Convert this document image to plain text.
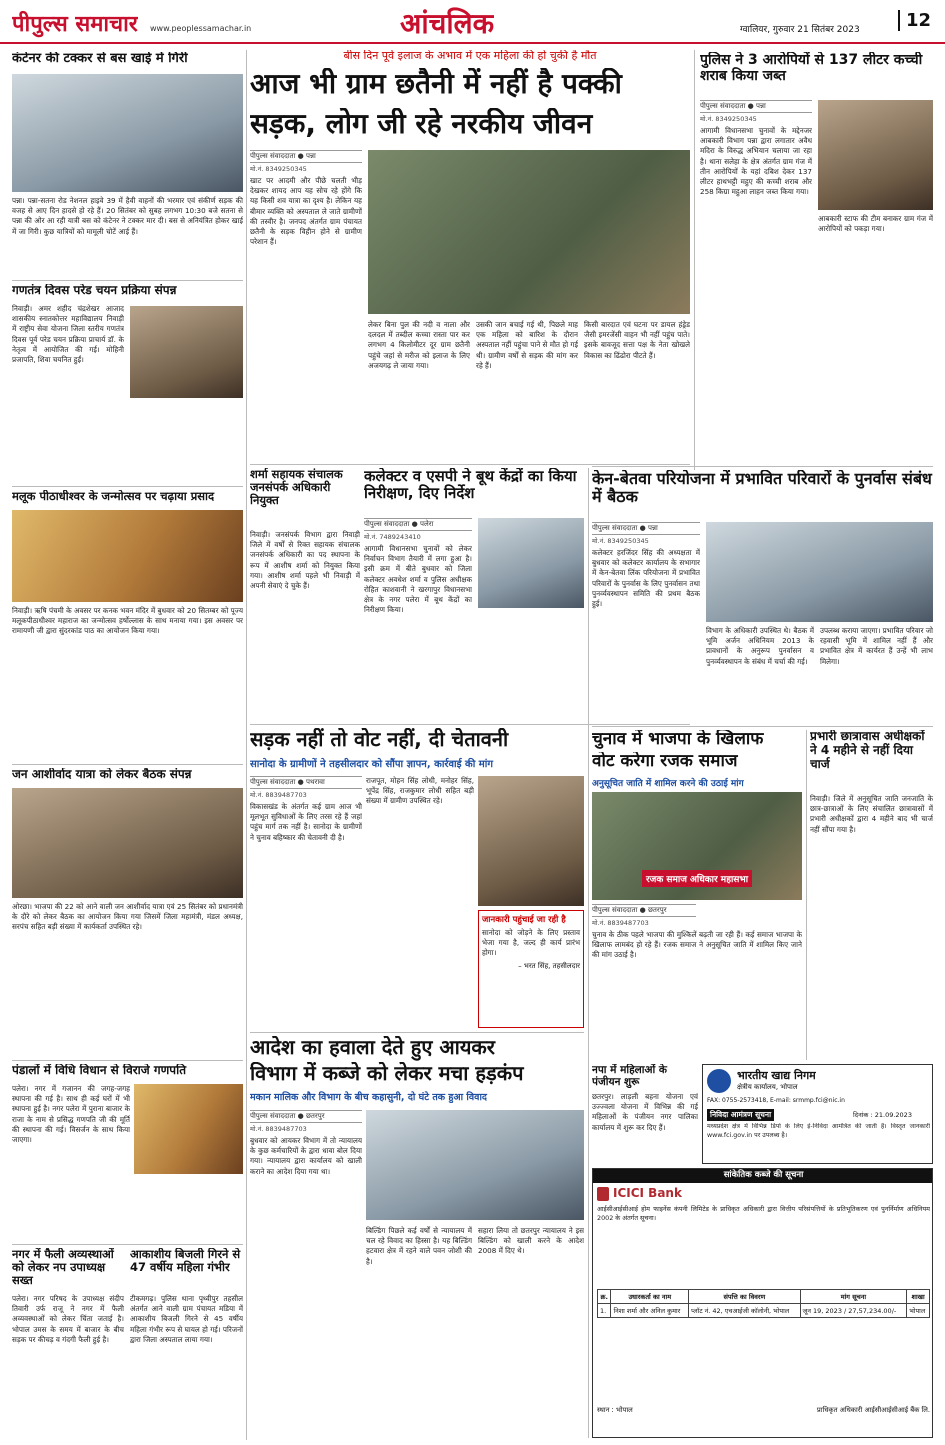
पीपुल्स समाचार www.peoplessamachar.in	आंचलिक	ग्वालियर, गुरुवार 21 सितंबर 2023	12
कंटेनर की टक्कर से बस खाई में गिरी
पन्ना। पन्ना-सतना रोड नेशनल हाइवे 39 में हैवी वाहनों की भरमार एवं संकीर्ण सड़क की वजह से आए दिन हादसे हो रहे हैं। 20 सितंबर को सुबह लगभग 10:30 बजे सतना से पन्ना की ओर आ रही यात्री बस को कंटेनर ने टक्कर मार दी। बस से अनियंत्रित होकर खाई में जा गिरी। कुछ यात्रियों को मामूली चोटें आई हैं।
गणतंत्र दिवस परेड चयन प्रक्रिया संपन्न
निवाड़ी। अमर शहीद चंद्रशेखर आजाद शासकीय स्नातकोत्तर महाविद्यालय निवाड़ी में राष्ट्रीय सेवा योजना जिला स्तरीय गणतंत्र दिवस पूर्व परेड चयन प्रक्रिया प्राचार्य डॉ. के नेतृत्व में आयोजित की गई। मोहिनी प्रजापति, शिवा चयनित हुईं।
मलूक पीठाधीश्वर के जन्मोत्सव पर चढ़ाया प्रसाद
निवाड़ी। ऋषि पंचमी के अवसर पर कनक भवन मंदिर में बुधवार को 20 सितम्बर को पूज्य मलूकपीठाधीश्वर महाराज का जन्मोत्सव हर्षोल्लास के साथ मनाया गया। इस अवसर पर रामायणी जी द्वारा सुंदरकांड पाठ का आयोजन किया गया।
जन आशीर्वाद यात्रा को लेकर बैठक संपन्न
ओरछा। भाजपा की 22 को आने वाली जन आशीर्वाद यात्रा एवं 25 सितंबर को प्रधानमंत्री के दौरे को लेकर बैठक का आयोजन किया गया जिसमें जिला महामंत्री, मंडल अध्यक्ष, सरपंच सहित बड़ी संख्या में कार्यकर्ता उपस्थित रहे।
पंडालों में विधि विधान से विराजे गणपति
पलेरा। नगर में गजानन की जगह-जगह स्थापना की गई है। साथ ही कई घरों में भी स्थापना हुई है। नगर पलेरा में पुराना बाजार के राजा के नाम से प्रसिद्ध गणपति जी की मूर्ति की स्थापना की गई। विसर्जन के साथ किया जाएगा।
नगर में फैली अव्यस्थाओं को लेकर नप उपाध्यक्ष सख्त
पलेरा। नगर परिषद के उपाध्यक्ष संदीप तिवारी उर्फ राजू ने नगर में फैली अव्यवस्थाओं को लेकर चिंता जताई है। भोपाल उमस के समय में बाजार के बीच सड़क पर कीचड़ व गंदगी फैली हुई है।
आकाशीय बिजली गिरने से 47 वर्षीय महिला गंभीर
टीकमगढ़। पुलिस थाना पृथ्वीपुर तहसील अंतर्गत आने वाली ग्राम पंचायत मडिया में आकाशीय बिजली गिरने से 45 वर्षीय महिला गंभीर रूप से घायल हो गई। परिजनों द्वारा जिला अस्पताल लाया गया।
बीस दिन पूर्व इलाज के अभाव में एक महिला की हो चुकी है मौत
आज भी ग्राम छतैनी में नहीं है पक्की
सड़क, लोग जी रहे नरकीय जीवन
पीपुल्स संवाददाता ● पन्ना
मो.नं. 8349250345
खाट पर आदमी और पीछे चलती भीड़ देखकर शायद आप यह सोच रहे होंगे कि यह किसी शव यात्रा का दृश्य है। लेकिन यह बीमार व्यक्ति को अस्पताल ले जाते ग्रामीणों की तस्वीर है। जनपद अंतर्गत ग्राम पंचायत छतैनी के सड़क विहीन होने से ग्रामीण परेशान हैं।
लेकर बिना पुल की नदी व नाला और दलदल में तब्दील कच्चा रास्ता पार कर लगभग 4 किलोमीटर दूर ग्राम छतैनी पहुंचे जहां से मरीज को इलाज के लिए अजयगढ़ ले जाया गया।
उसकी जान बचाई गई थी, पिछले माह एक महिला को बारिश के दौरान अस्पताल नहीं पहुंचा पाने से मौत हो गई थी। ग्रामीण वर्षों से सड़क की मांग कर रहे हैं।
किसी बारदात एवं घटना पर डायल हंड्रेड जैसी इमरजेंसी वाहन भी नहीं पहुंच पाते। इसके बावजूद सत्ता पक्ष के नेता खोखले विकास का ढिंढोरा पीटते हैं।
शर्मा सहायक संचालक जनसंपर्क अधिकारी नियुक्त
निवाड़ी। जनसंपर्क विभाग द्वारा निवाड़ी जिले में वर्षों से रिक्त सहायक संचालक जनसंपर्क अधिकारी का पद स्थापना के रूप में आशीष शर्मा को नियुक्त किया गया। आशीष शर्मा पहले भी निवाड़ी में अपनी सेवाएं दे चुके हैं।
कलेक्टर व एसपी ने बूथ केंद्रों का किया निरीक्षण, दिए निर्देश
पीपुल्स संवाददाता ● पलेरा
मो.नं. 7489243410
आगामी विधानसभा चुनावों को लेकर निर्वाचन विभाग तैयारी में लगा हुआ है। इसी क्रम में बीते बुधवार को जिला कलेक्टर अवधेश शर्मा व पुलिस अधीक्षक रोहित काशवानी ने खरगापुर विधानसभा क्षेत्र के नगर पलेरा में बूथ केंद्रों का निरीक्षण किया।
सड़क नहीं तो वोट नहीं, दी चेतावनी
सानोदा के ग्रामीणों ने तहसीलदार को सौंपा ज्ञापन, कार्रवाई की मांग
पीपुल्स संवाददाता ● पथरावा
मो.नं. 8839487703
विकासखंड के अंतर्गत कई ग्राम आज भी मूलभूत सुविधाओं के लिए तरस रहे हैं जहां पहुंच मार्ग तक नहीं है। सानोदा के ग्रामीणों ने चुनाव बहिष्कार की चेतावनी दी है।
राजपूत, मोहन सिंह लोधी, मनोहर सिंह, भूपेंद्र सिंह, राजकुमार लोधी सहित बड़ी संख्या में ग्रामीण उपस्थित रहे।
जानकारी पहुंचाई जा रही है
सानोदा को जोड़ने के लिए प्रस्ताव भेजा गया है, जल्द ही कार्य प्रारंभ होगा।
– भरत सिंह, तहसीलदार
आदेश का हवाला देते हुए आयकर
विभाग में कब्जे को लेकर मचा हड़कंप
मकान मालिक और विभाग के बीच कहासुनी, दो घंटे तक हुआ विवाद
पीपुल्स संवाददाता ● छतरपुर
मो.नं. 8839487703
बुधवार को आयकर विभाग में तो न्यायालय के कुछ कर्मचारियों के द्वारा धावा बोल दिया गया। न्यायालय द्वारा कार्यालय को खाली कराने का आदेश दिया गया था।
बिल्डिंग पिछले कई वर्षों से न्यायालय में चल रहे विवाद का हिस्सा है। यह बिल्डिंग हटवारा क्षेत्र में रहने वाले पवन जोशी की है।
सहारा लिया तो छतरपुर न्यायालय ने इस बिल्डिंग को खाली करने के आदेश 2008 में दिए थे।
पुलिस ने 3 आरोपियों से 137 लीटर कच्ची शराब किया जब्त
पीपुल्स संवाददाता ● पन्ना
मो.नं. 8349250345
आगामी विधानसभा चुनावों के मद्देनजर आबकारी विभाग पन्ना द्वारा लगातार अवैध मदिरा के विरुद्ध अभियान चलाया जा रहा है। थाना सलेहा के क्षेत्र अंतर्गत ग्राम गंज में तीन आरोपियों के यहां दबिश देकर 137 लीटर हाथभट्टी महुए की कच्ची शराब और 258 किग्रा महुआ लाहन जब्त किया गया।
आबकारी स्टाफ की टीम बनाकर ग्राम गंज में आरोपियों को पकड़ा गया।
केन-बेतवा परियोजना में प्रभावित परिवारों के पुनर्वास संबंध में बैठक
पीपुल्स संवाददाता ● पन्ना
मो.नं. 8349250345
कलेक्टर हरजिंदर सिंह की अध्यक्षता में बुधवार को कलेक्टर कार्यालय के सभागार में केन-बेतवा लिंक परियोजना में प्रभावित परिवारों के पुनर्वास के लिए पुनर्वासन तथा पुनर्व्यवस्थापन समिति की प्रथम बैठक हुई।
विभाग के अधिकारी उपस्थित थे। बैठक में भूमि अर्जन अधिनियम 2013 के प्रावधानों के अनुरूप पुनर्वासन व पुनर्व्यवस्थापन के संबंध में चर्चा की गई।
उपलब्ध कराया जाएगा। प्रभावित परिवार जो रहवासी भूमि में शामिल नहीं हैं और प्रभावित क्षेत्र में कार्यरत हैं उन्हें भी लाभ मिलेगा।
चुनाव में भाजपा के खिलाफ
वोट करेगा रजक समाज
अनुसूचित जाति में शामिल करने की उठाई मांग
रजक समाज अधिकार महासभा
पीपुल्स संवाददाता ● छतरपुर
मो.नं. 8839487703
चुनाव के ठीक पहले भाजपा की मुश्किलें बढ़ती जा रही हैं। कई समाज भाजपा के खिलाफ लामबंद हो रहे हैं। रजक समाज ने अनुसूचित जाति में शामिल किए जाने की मांग उठाई है।
प्रभारी छात्रावास अधीक्षकों ने 4 महीने से नहीं दिया चार्ज
निवाड़ी। जिले में अनुसूचित जाति जनजाति के छात्र-छात्राओं के लिए संचालित छात्रावासों में प्रभारी अधीक्षकों द्वारा 4 महीने बाद भी चार्ज नहीं सौंपा गया है।
नपा में महिलाओं के पंजीयन शुरू
छतरपुर। लाड़ली बहना योजना एवं उज्ज्वला योजना में विभिन्न की गई महिलाओं के पंजीयन नगर पालिका कार्यालय में शुरू कर दिए हैं।
भारतीय खाद्य निगम
क्षेत्रीय कार्यालय, भोपाल
FAX: 0755-2573418, E-mail: srmmp.fci@nic.in
निविदा आमंत्रण सूचना	दिनांक : 21.09.2023
मध्यप्रदेश क्षेत्र में विभिन्न डिपो के लिए ई-निविदा आमंत्रित की जाती है। विस्तृत जानकारी www.fci.gov.in पर उपलब्ध है।
सांकेतिक कब्जे की सूचना
ICICI Bank
आईसीआईसीआई होम फाइनेंस कंपनी लिमिटेड के प्राधिकृत अधिकारी द्वारा वित्तीय परिसंपत्तियों के प्रतिभूतिकरण एवं पुनर्निर्माण अधिनियम 2002 के अंतर्गत सूचना।
क्र.	उधारकर्ता का नाम	संपत्ति का विवरण	मांग सूचना	शाखा
1.	निशा शर्मा और अनिल कुमार	प्लॉट नं. 42, एचआईजी कॉलोनी, भोपाल	जून 19, 2023 / 27,57,234.00/-	भोपाल
स्थान : भोपाल	प्राधिकृत अधिकारी आईसीआईसीआई बैंक लि.
